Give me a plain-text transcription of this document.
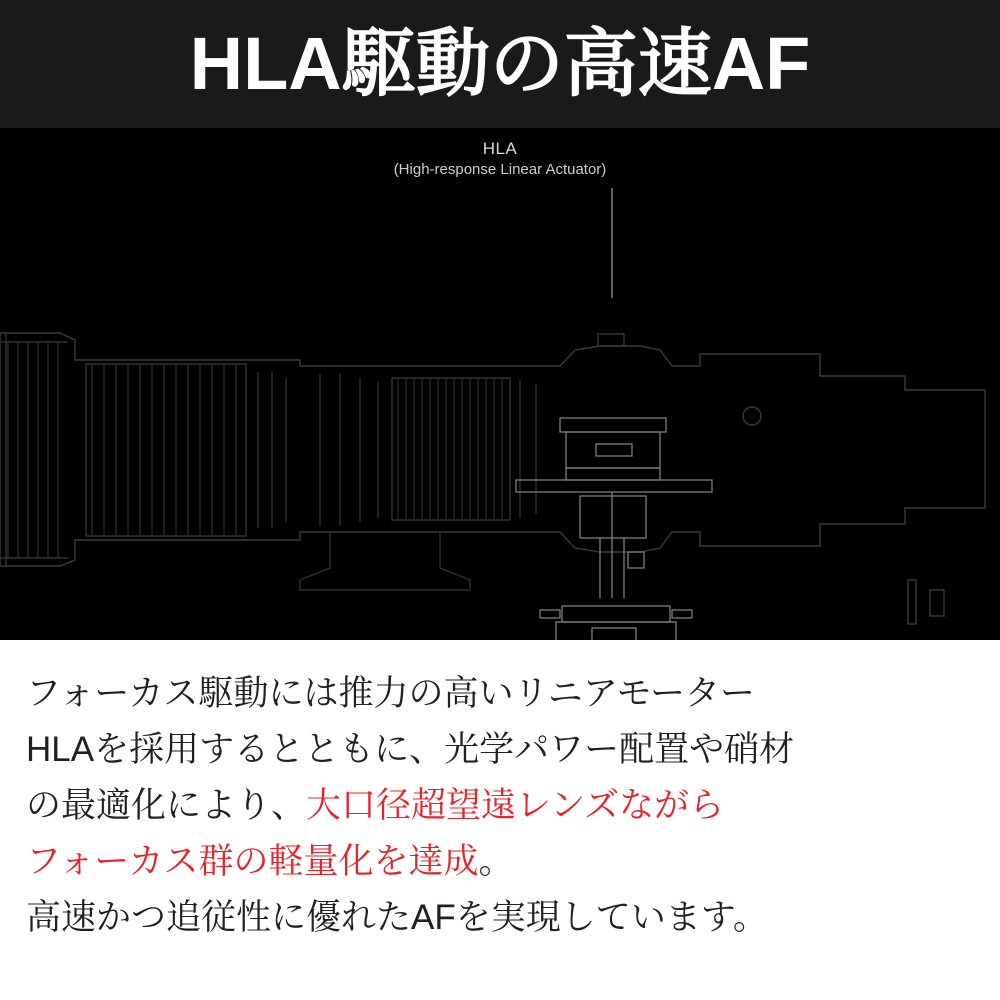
HLA駆動の高速AF
HLA
(High-response Linear Actuator)

フォーカス駆動には推力の高いリニアモーター

HLAを採用するとともに、光学パワー配置や硝材

の最適化により、大口径超望遠レンズながら

フォーカス群の軽量化を達成。

高速かつ追従性に優れたAFを実現しています。
